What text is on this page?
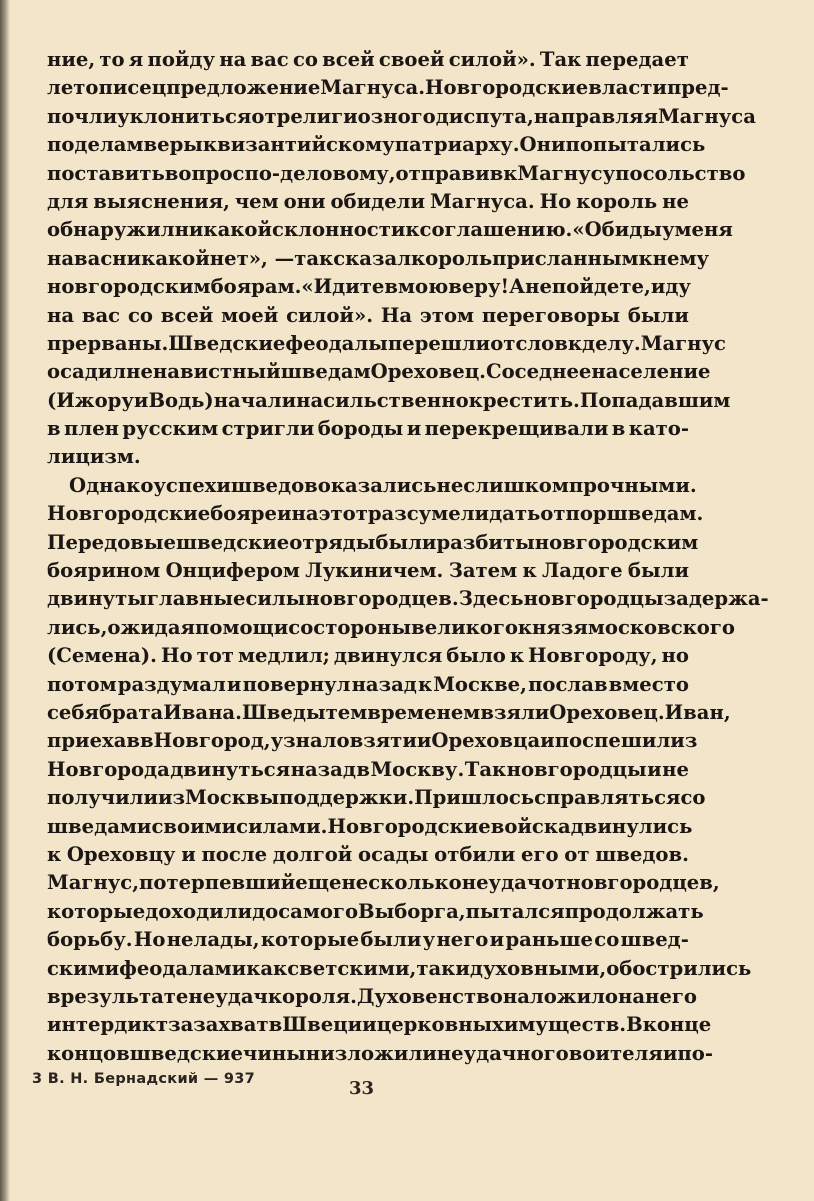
ние, то я пойду на вас со всей своей силой». Так передает
летописец предложение Магнуса. Новгородские власти пред-
почли уклониться от религиозного диспута, направляя Магнуса
по делам веры к византийскому патриарху. Они попытались
поставить вопрос по-деловому, отправив к Магнусу посольство
для выяснения, чем они обидели Магнуса. Но король не
обнаружил никакой склонности к соглашению. «Обиды у меня
на вас никакой нет», — так сказал король присланным к нему
новгородским боярам. «Идите в мою веру! А не пойдете, иду
на вас со всей моей силой». На этом переговоры были
прерваны. Шведские феодалы перешли от слов к делу. Магнус
осадил ненавистный шведам Ореховец. Соседнее население
(Ижору и Водь) начали насильственно крестить. Попадавшим
в плен русским стригли бороды и перекрещивали в като-
лицизм.
Однако успехи шведов оказались не слишком прочными.
Новгородские бояре и на этот раз сумели дать отпор шведам.
Передовые шведские отряды были разбиты новгородским
боярином Онцифером Лукиничем. Затем к Ладоге были
двинуты главные силы новгородцев. Здесь новгородцы задержа-
лись, ожидая помощи со стороны великого князя московского
(Семена). Но тот медлил; двинулся было к Новгороду, но
потом раздумал и повернул назад к Москве, послав вместо
себя брата Ивана. Шведы тем временем взяли Ореховец. Иван,
приехав в Новгород, узнал о взятии Ореховца и поспешил из
Новгорода двинуться назад в Москву. Так новгородцы и не
получили из Москвы поддержки. Пришлось справляться со
шведами своими силами. Новгородские войска двинулись
к Ореховцу и после долгой осады отбили его от шведов.
Магнус, потерпевший еще несколько неудач от новгородцев,
которые доходили до самого Выборга, пытался продолжать
борьбу. Но нелады, которые были у него и раньше со швед-
скими феодалами как светскими, так и духовными, обострились
в результате неудач короля. Духовенство наложило на него
интердикт за захват в Швеции церковных имуществ. В конце
концов шведские чины низложили неудачного воителя и по-
3 В. Н. Бернадский — 937	33
